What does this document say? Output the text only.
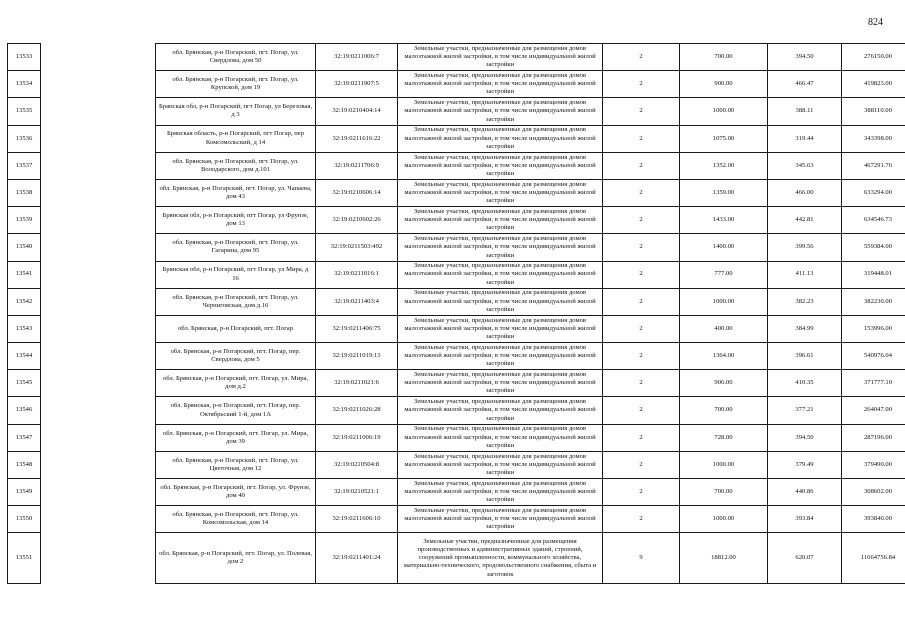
824
13533		обл. Брянская, р-н Погарский, пгт. Погар, ул. Свердлова, дом 50	32:19:0211006:7	Земельные участки, предназначенные для размещения домов малоэтажной жилой застройки, в том числе индивидуальной жилой застройки	2	700.00	394.50	276150.00
13534		обл. Брянская, р-н Погарский, пгт. Погар, ул. Крупской, дом 19	32:19:0211907:5	Земельные участки, предназначенные для размещения домов малоэтажной жилой застройки, в том числе индивидуальной жилой застройки	2	900.00	466.47	419823.00
13535		Брянская обл, р-н Погарский, пгт Погар, ул Березовая, д 3	32:19:0210404:14	Земельные участки, предназначенные для размещения домов малоэтажной жилой застройки, в том числе индивидуальной жилой застройки	2	1000.00	388.11	388110.00
13536		Брянская область, р-н Погарский, пгт Погар, пер Комсомольский, д 14	32:19:0211616:22	Земельные участки, предназначенные для размещения домов малоэтажной жилой застройки, в том числе индивидуальной жилой застройки	2	1075.00	319.44	343398.00
13537		обл. Брянская, р-н Погарский, пгт. Погар, ул. Володарского, дом д.101	32:19:0211706:9	Земельные участки, предназначенные для размещения домов малоэтажной жилой застройки, в том числе индивидуальной жилой застройки	2	1352.00	345.63	467291.76
13538		обл. Брянская, р-н Погарский, пгт. Погар, ул. Чапаева, дом 43	32:19:0210606:14	Земельные участки, предназначенные для размещения домов малоэтажной жилой застройки, в том числе индивидуальной жилой застройки	2	1359.00	466.00	633294.00
13539		Брянская обл, р-н Погарский, пгт Погар, ул Фрунзе, дом 13	32:19:0210602:26	Земельные участки, предназначенные для размещения домов малоэтажной жилой застройки, в том числе индивидуальной жилой застройки	2	1433.00	442.81	634546.73
13540		обл. Брянская, р-н Погарский, пгт. Погар, ул. Гагарина, дом 95	32:19:0211503:492	Земельные участки, предназначенные для размещения домов малоэтажной жилой застройки, в том числе индивидуальной жилой застройки	2	1400.00	399.56	559384.00
13541		Брянская обл, р-н Погарский, пгт Погар, ул Мира, д 16	32:19:0211016:1	Земельные участки, предназначенные для размещения домов малоэтажной жилой застройки, в том числе индивидуальной жилой застройки	2	777.00	411.13	319448.01
13542		обл. Брянская, р-н Погарский, пгт. Погар, ул. Черниговская, дом д.16	32:19:0211403:4	Земельные участки, предназначенные для размещения домов малоэтажной жилой застройки, в том числе индивидуальной жилой застройки	2	1000.00	382.23	382230.00
13543		обл. Брянская, р-н Погарский, пгт. Погар	32:19:0211406:75	Земельные участки, предназначенные для размещения домов малоэтажной жилой застройки, в том числе индивидуальной жилой застройки	2	400.00	384.99	153996.00
13544		обл. Брянская, р-н Погарский, пгт. Погар, пер. Свердлова, дом 5	32:19:0211019:13	Земельные участки, предназначенные для размещения домов малоэтажной жилой застройки, в том числе индивидуальной жилой застройки	2	1364.00	396.61	540976.04
13545		обл. Брянская, р-н Погарский, пгт. Погар, ул. Мира, дом д.2	32:19:0211021:6	Земельные участки, предназначенные для размещения домов малоэтажной жилой застройки, в том числе индивидуальной жилой застройки	2	906.00	410.35	371777.10
13546		обл. Брянская, р-н Погарский, пгт. Погар, пер. Октябрьский 1-й, дом 1А	32:19:0211026:28	Земельные участки, предназначенные для размещения домов малоэтажной жилой застройки, в том числе индивидуальной жилой застройки	2	700.00	377.21	264047.00
13547		обл. Брянская, р-н Погарский, пгт. Погар, ул. Мира, дом 39	32:19:0211006:19	Земельные участки, предназначенные для размещения домов малоэтажной жилой застройки, в том числе индивидуальной жилой застройки	2	728.00	394.50	287196.00
13548		обл. Брянская, р-н Погарский, пгт. Погар, ул. Цветочная, дом 12	32:19:0210504:8	Земельные участки, предназначенные для размещения домов малоэтажной жилой застройки, в том числе индивидуальной жилой застройки	2	1000.00	379.49	379490.00
13549		обл. Брянская, р-н Погарский, пгт. Погар, ул. Фрунзе, дом 40	32:19:0210521:1	Земельные участки, предназначенные для размещения домов малоэтажной жилой застройки, в том числе индивидуальной жилой застройки	2	700.00	440.86	308602.00
13550		обл. Брянская, р-н Погарский, пгт. Погар, ул. Комсомольская, дом 14	32:19:0211606:10	Земельные участки, предназначенные для размещения домов малоэтажной жилой застройки, в том числе индивидуальной жилой застройки	2	1000.00	393.84	393840.00
13551		обл. Брянская, р-н Погарский, пгт. Погар, ул. Полевая, дом 2	32:19:0211401:24	Земельные участки, предназначенные для размещения производственных и административных зданий, строений, сооружений промышленности, коммунального хозяйства, материально-технического, продовольственного снабжения, сбыта и заготовок	9	18812.00	620.07	11664756.84
